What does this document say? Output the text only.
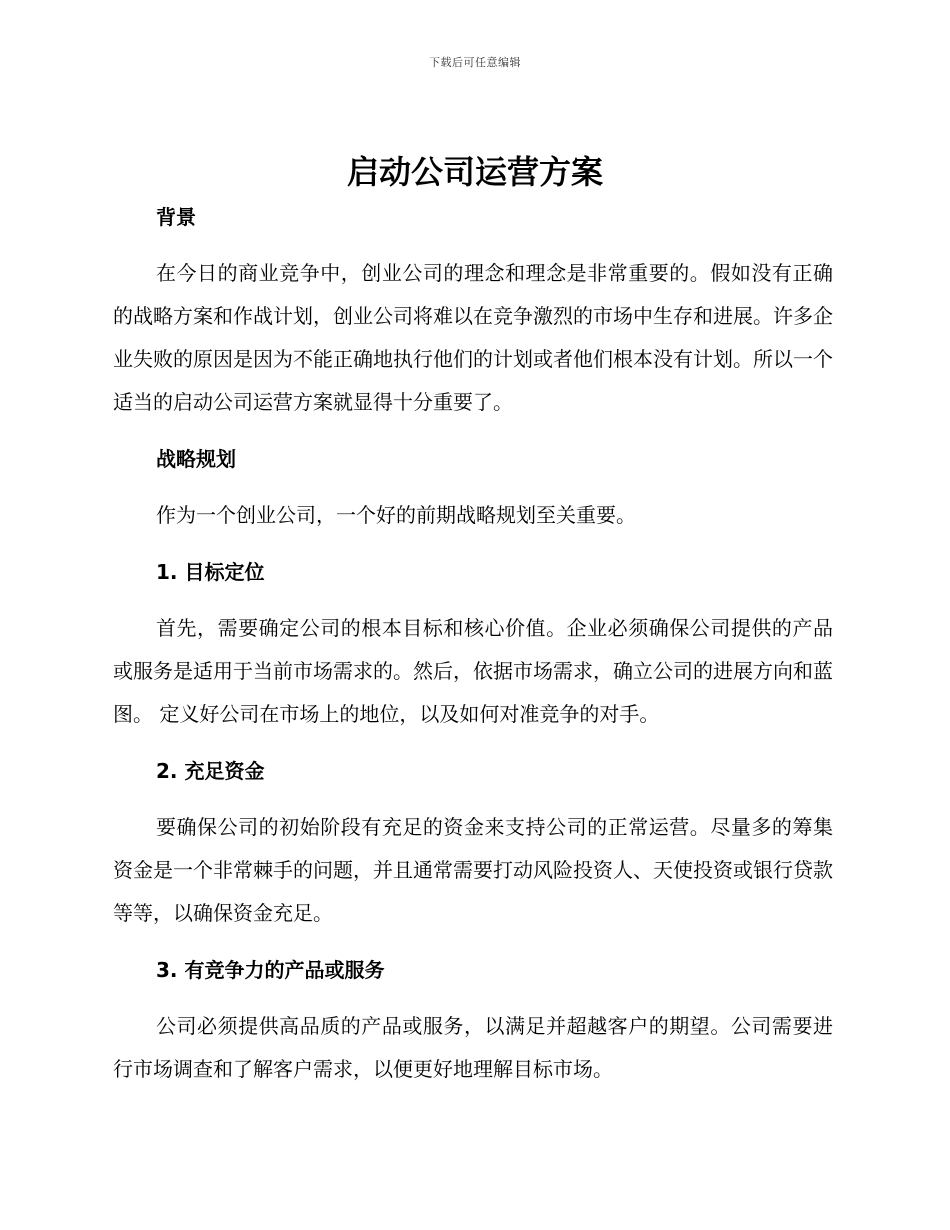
下载后可任意编辑
启动公司运营方案
背景

在今日的商业竞争中，创业公司的理念和理念是非常重要的。假如没有正确的战略方案和作战计划，创业公司将难以在竞争激烈的市场中生存和进展。许多企业失败的原因是因为不能正确地执行他们的计划或者他们根本没有计划。所以一个适当的启动公司运营方案就显得十分重要了。

战略规划

作为一个创业公司，一个好的前期战略规划至关重要。

1. 目标定位

首先，需要确定公司的根本目标和核心价值。企业必须确保公司提供的产品或服务是适用于当前市场需求的。然后，依据市场需求，确立公司的进展方向和蓝图。 定义好公司在市场上的地位，以及如何对准竞争的对手。

2. 充足资金

要确保公司的初始阶段有充足的资金来支持公司的正常运营。尽量多的筹集资金是一个非常棘手的问题，并且通常需要打动风险投资人、天使投资或银行贷款等等，以确保资金充足。

3. 有竞争力的产品或服务

公司必须提供高品质的产品或服务，以满足并超越客户的期望。公司需要进行市场调查和了解客户需求，以便更好地理解目标市场。
